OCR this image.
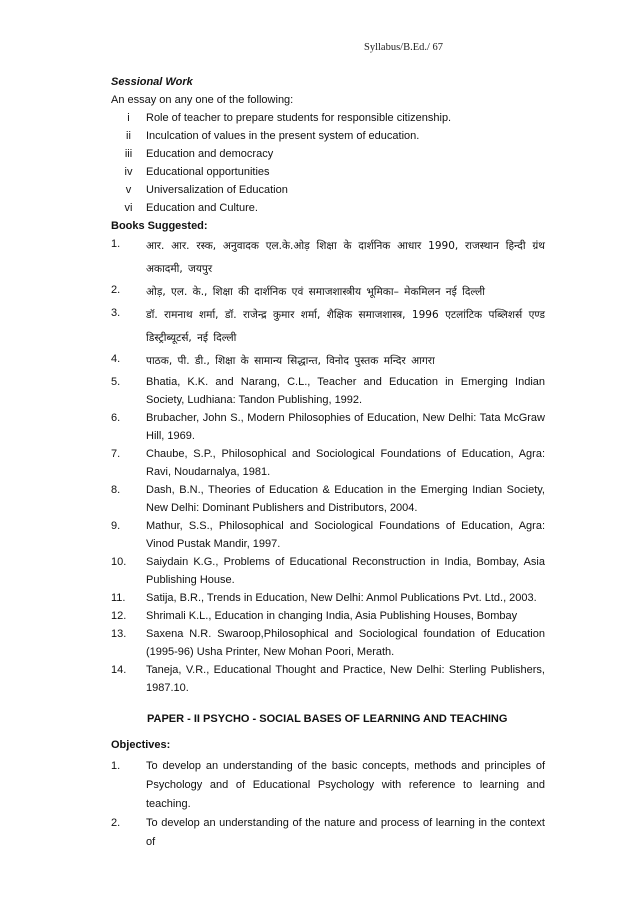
Syllabus/B.Ed./ 67
Sessional Work
An essay on any one of the following:
i	Role of teacher to prepare students for responsible citizenship.
ii	Inculcation of values in the present system of education.
iii	Education and democracy
iv	Educational opportunities
v	Universalization of Education
vi	Education and Culture.
Books Suggested:
1.	आर. आर. रस्क, अनुवादक एल.के.ओड़ शिक्षा के दार्शनिक आधार 1990, राजस्थान हिन्दी ग्रंथ अकादमी, जयपुर
2.	ओड़, एल. के., शिक्षा की दार्शनिक एवं समाजशास्त्रीय भूमिका– मेकमिलन नई दिल्ली
3.	डॉ. रामनाथ शर्मा, डॉ. राजेन्द्र कुमार शर्मा, शैक्षिक समाजशास्त्र, 1996 एटलांटिक पब्लिशर्स एण्ड डिस्ट्रीब्यूटर्स, नई दिल्ली
4.	पाठक, पी. डी., शिक्षा के सामान्य सिद्धान्त, विनोद पुस्तक मन्दिर आगरा
5.	Bhatia, K.K. and Narang, C.L., Teacher and Education in Emerging Indian Society, Ludhiana: Tandon Publishing, 1992.
6.	Brubacher, John S., Modern Philosophies of Education, New Delhi: Tata McGraw Hill, 1969.
7.	Chaube, S.P., Philosophical and Sociological Foundations of Education, Agra: Ravi, Noudarnalya, 1981.
8.	Dash, B.N., Theories of Education & Education in the Emerging Indian Society, New Delhi: Dominant Publishers and Distributors, 2004.
9.	Mathur, S.S., Philosophical and Sociological Foundations of Education, Agra: Vinod Pustak Mandir, 1997.
10.	Saiydain K.G., Problems of Educational Reconstruction in India, Bombay, Asia Publishing House.
11.	Satija, B.R., Trends in Education, New Delhi: Anmol Publications Pvt. Ltd., 2003.
12.	Shrimali K.L., Education in changing India, Asia Publishing Houses, Bombay
13.	Saxena N.R. Swaroop,Philosophical and Sociological foundation of Education (1995-96) Usha Printer, New Mohan Poori, Merath.
14.	Taneja, V.R., Educational Thought and Practice, New Delhi: Sterling Publishers, 1987.10.
PAPER - II PSYCHO - SOCIAL BASES OF LEARNING AND TEACHING
Objectives:
1.	To develop an understanding of the basic concepts, methods and principles of Psychology and of Educational Psychology with reference to learning and teaching.
2.	To develop an understanding of the nature and process of learning in the context of
